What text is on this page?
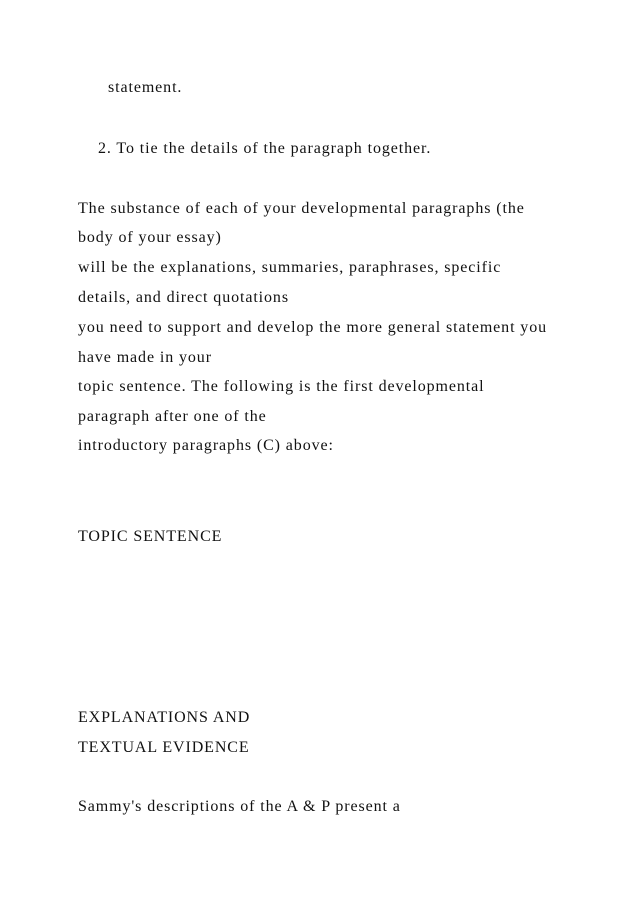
statement.
2. To tie the details of the paragraph together.
The substance of each of your developmental paragraphs (the
body of your essay)
will be the explanations, summaries, paraphrases, specific
details, and direct quotations
you need to support and develop the more general statement you
have made in your
topic sentence. The following is the first developmental
paragraph after one of the
introductory paragraphs (C) above:
TOPIC SENTENCE
EXPLANATIONS AND
TEXTUAL EVIDENCE
Sammy's descriptions of the A & P present a
